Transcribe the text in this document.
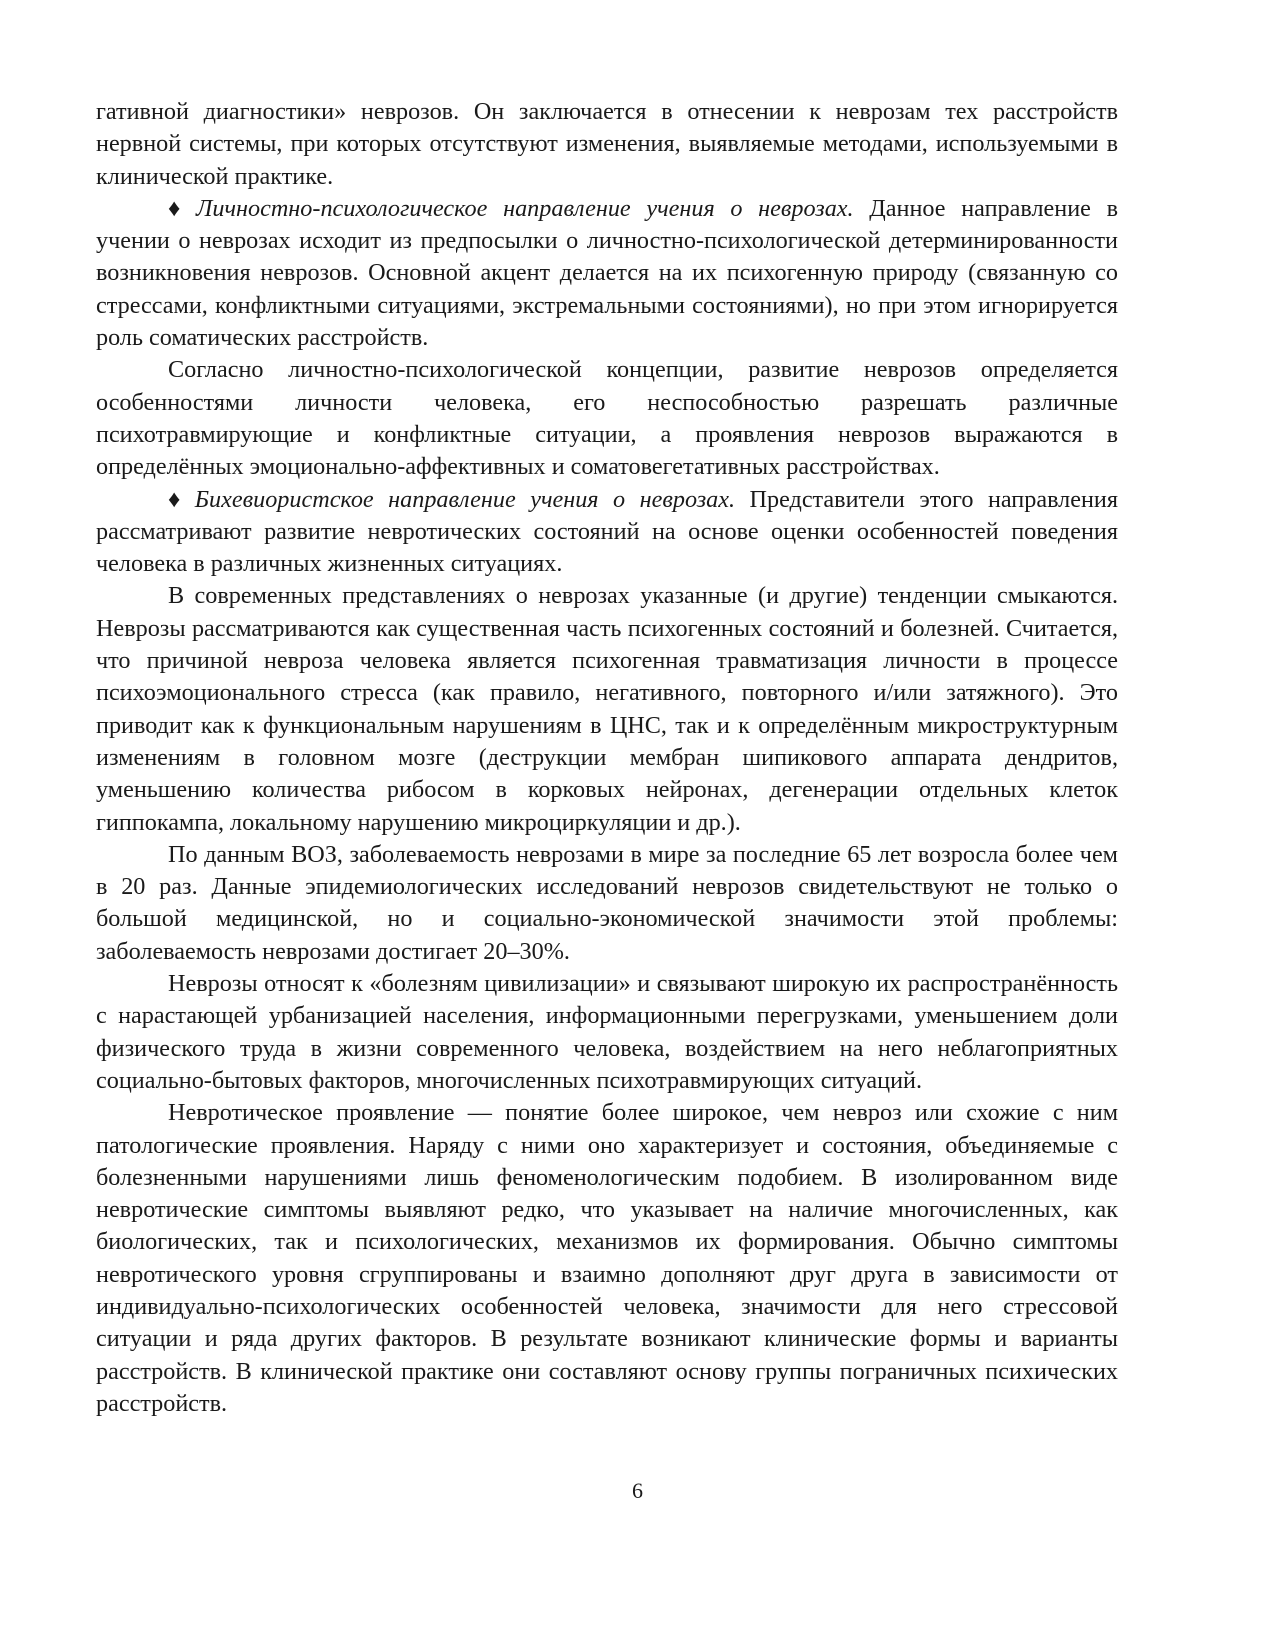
гативной диагностики» неврозов. Он заключается в отнесении к неврозам тех расстройств нервной системы, при которых отсутствуют изменения, выявляемые методами, используемыми в клинической практике.

♦ Личностно-психологическое направление учения о неврозах. Данное направление в учении о неврозах исходит из предпосылки о личностно-психологической детерминированности возникновения неврозов. Основной акцент делается на их психогенную природу (связанную со стрессами, конфликтными ситуациями, экстремальными состояниями), но при этом игнорируется роль соматических расстройств.

Согласно личностно-психологической концепции, развитие неврозов определяется особенностями личности человека, его неспособностью разрешать различные психотравмирующие и конфликтные ситуации, а проявления неврозов выражаются в определённых эмоционально-аффективных и соматовегетативных расстройствах.

♦ Бихевиористское направление учения о неврозах. Представители этого направления рассматривают развитие невротических состояний на основе оценки особенностей поведения человека в различных жизненных ситуациях.

В современных представлениях о неврозах указанные (и другие) тенденции смыкаются. Неврозы рассматриваются как существенная часть психогенных состояний и болезней. Считается, что причиной невроза человека является психогенная травматизация личности в процессе психоэмоционального стресса (как правило, негативного, повторного и/или затяжного). Это приводит как к функциональным нарушениям в ЦНС, так и к определённым микроструктурным изменениям в головном мозге (деструкции мембран шипикового аппарата дендритов, уменьшению количества рибосом в корковых нейронах, дегенерации отдельных клеток гиппокампа, локальному нарушению микроциркуляции и др.).

По данным ВОЗ, заболеваемость неврозами в мире за последние 65 лет возросла более чем в 20 раз. Данные эпидемиологических исследований неврозов свидетельствуют не только о большой медицинской, но и социально-экономической значимости этой проблемы: заболеваемость неврозами достигает 20–30%.

Неврозы относят к «болезням цивилизации» и связывают широкую их распространённость с нарастающей урбанизацией населения, информационными перегрузками, уменьшением доли физического труда в жизни современного человека, воздействием на него неблагоприятных социально-бытовых факторов, многочисленных психотравмирующих ситуаций.

Невротическое проявление — понятие более широкое, чем невроз или схожие с ним патологические проявления. Наряду с ними оно характеризует и состояния, объединяемые с болезненными нарушениями лишь феноменологическим подобием. В изолированном виде невротические симптомы выявляют редко, что указывает на наличие многочисленных, как биологических, так и психологических, механизмов их формирования. Обычно симптомы невротического уровня сгруппированы и взаимно дополняют друг друга в зависимости от индивидуально-психологических особенностей человека, значимости для него стрессовой ситуации и ряда других факторов. В результате возникают клинические формы и варианты расстройств. В клинической практике они составляют основу группы пограничных психических расстройств.

6
